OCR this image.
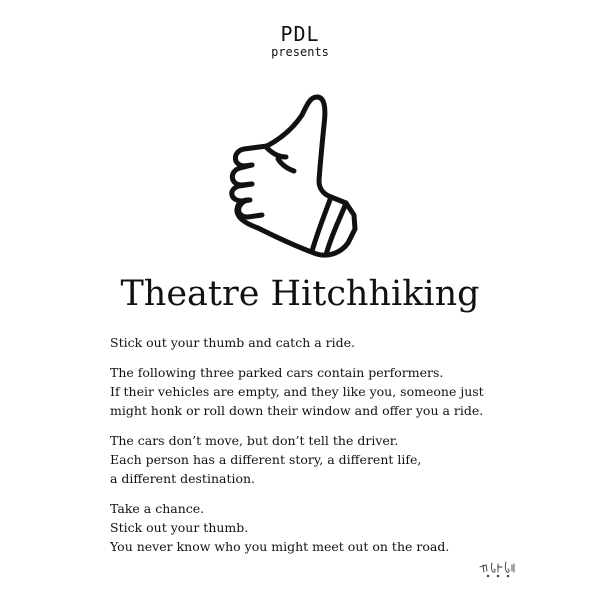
PDL
presents
Theatre Hitchhiking
Stick out your thumb and catch a ride.
The following three parked cars contain performers.
If their vehicles are empty, and they like you, someone just
might honk or roll down their window and offer you a ride.
The cars don’t move, but don’t tell the driver.
Each person has a different story, a different life,
a different destination.
Take a chance.
Stick out your thumb.
You never know who you might meet out on the road.
